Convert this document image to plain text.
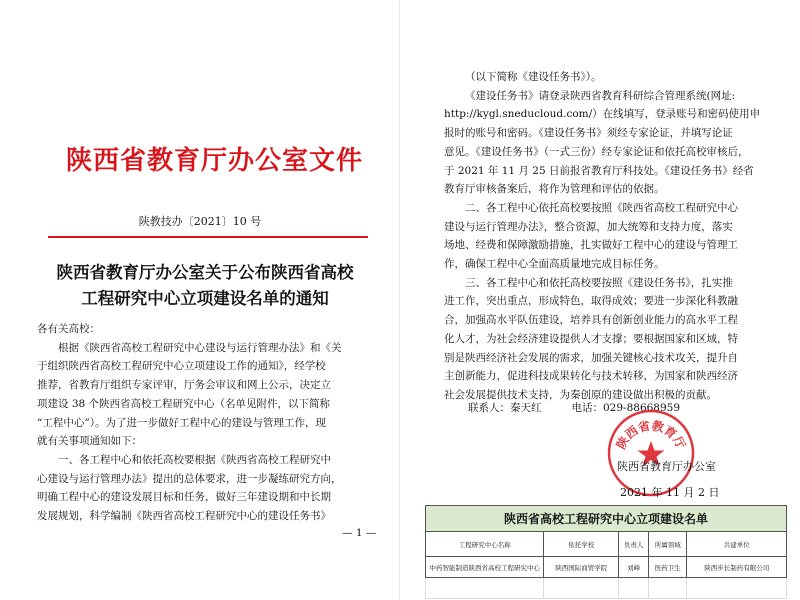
陕西省教育厅办公室文件
陕教技办〔2021〕10 号
陕西省教育厅办公室关于公布陕西省高校
工程研究中心立项建设名单的通知
各有关高校：
根据《陕西省高校工程研究中心建设与运行管理办法》和《关
于组织陕西省高校工程研究中心立项建设工作的通知》，经学校
推荐，省教育厅组织专家评审，厅务会审议和网上公示，决定立
项建设 38 个陕西省高校工程研究中心（名单见附件，以下简称
“工程中心”）。为了进一步做好工程中心的建设与管理工作，现
就有关事项通知如下：
一、各工程中心和依托高校要根据《陕西省高校工程研究中
心建设与运行管理办法》提出的总体要求，进一步凝练研究方向，
明确工程中心的建设发展目标和任务，做好三年建设期和中长期
发展规划，科学编制《陕西省高校工程研究中心的建设任务书》
— 1 —
（以下简称《建设任务书》）。
《建设任务书》请登录陕西省教育科研综合管理系统(网址:
http://kygl.sneducloud.com/）在线填写，登录账号和密码使用申
报时的账号和密码。《建设任务书》须经专家论证，并填写论证
意见。《建设任务书》（一式三份）经专家论证和依托高校审核后，
于 2021 年 11 月 25 日前报省教育厅科技处。《建设任务书》经省
教育厅审核备案后，将作为管理和评估的依据。
二、各工程中心依托高校要按照《陕西省高校工程研究中心
建设与运行管理办法》，整合资源，加大统筹和支持力度，落实
场地、经费和保障激励措施，扎实做好工程中心的建设与管理工
作，确保工程中心全面高质量地完成目标任务。
三、各工程中心和依托高校要按照《建设任务书》，扎实推
进工作，突出重点，形成特色，取得成效；要进一步深化科教融
合，加强高水平队伍建设，培养具有创新创业能力的高水平工程
化人才，为社会经济建设提供人才支撑；要根据国家和区域，特
别是陕西经济社会发展的需求，加强关键核心技术攻关，提升自
主创新能力，促进科技成果转化与技术转移，为国家和陕西经济
社会发展提供技术支持，为秦创原的建设做出积极的贡献。
联系人：秦天红	电话：029-88668959
陕西省教育厅
陕西省教育厅办公室
2021 年 11 月 2 日
陕西省高校工程研究中心立项建设名单				
工程研究中心名称	依托学校	负责人	所属领域	共建单位
中药智能制造陕西省高校工程研究中心	陕西国际商贸学院	刘峰	医药卫生	陕西步长制药有限公司
